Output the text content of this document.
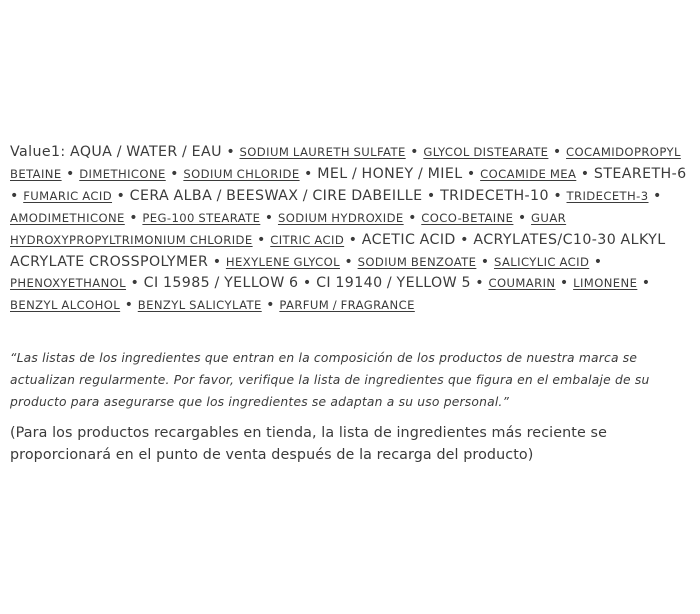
Value1: AQUA / WATER / EAU • SODIUM LAURETH SULFATE • GLYCOL DISTEARATE • COCAMIDOPROPYL BETAINE • DIMETHICONE • SODIUM CHLORIDE • MEL / HONEY / MIEL • COCAMIDE MEA • STEARETH-6 • FUMARIC ACID • CERA ALBA / BEESWAX / CIRE DABEILLE • TRIDECETH-10 • TRIDECETH-3 • AMODIMETHICONE • PEG-100 STEARATE • SODIUM HYDROXIDE • COCO-BETAINE • GUAR HYDROXYPROPYLTRIMONIUM CHLORIDE • CITRIC ACID • ACETIC ACID • ACRYLATES/C10-30 ALKYL ACRYLATE CROSSPOLYMER • HEXYLENE GLYCOL • SODIUM BENZOATE • SALICYLIC ACID • PHENOXYETHANOL • CI 15985 / YELLOW 6 • CI 19140 / YELLOW 5 • COUMARIN • LIMONENE • BENZYL ALCOHOL • BENZYL SALICYLATE • PARFUM / FRAGRANCE

“Las listas de los ingredientes que entran en la composición de los productos de nuestra marca se actualizan regularmente. Por favor, verifique la lista de ingredientes que figura en el embalaje de su producto para asegurarse que los ingredientes se adaptan a su uso personal.”

(Para los productos recargables en tienda, la lista de ingredientes más reciente se proporcionará en el punto de venta después de la recarga del producto)
